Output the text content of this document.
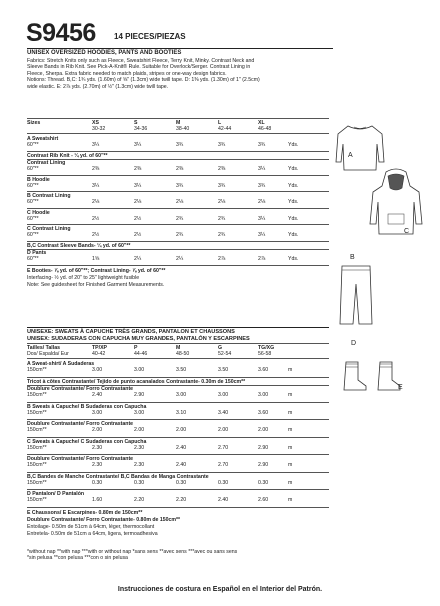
S9456 14 PIECES/PIEZAS
UNISEX OVERSIZED HOODIES, PANTS AND BOOTIES
Fabrics: Stretch Knits only such as Fleece, Sweatshirt Fleece, Terry Knit, Minky. Contrast Neck and
Sleeve Bands in Rib Knit. See Pick-A-Knit® Rule. Suitable for Overlock/Serger. Contrast Lining in
Fleece, Sherpa. Extra fabric needed to match plaids, stripes or one-way design fabrics.
Notions: Thread. B,C: 1¾ yds. (1.60m) of ⅝" (1.3cm) wide twill tape. D: 1⅜ yds. (1.30m) of 1" (2.5cm)
wide elastic. E: 2⅞ yds. (2.70m) of ½" (1.3cm) wide twill tape.
Sizes	XS	S	M	L	XL
30-32	34-36	38-40	42-44	46-48
A Sweatshirt
60"**	3¼	3¼	3¾	3¾	3¾	Yds.
Contrast Rib Knit - ¼ yd. of 60"**
Contrast Lining
60"**	2⅜	2⅜	2⅜	2⅜	3¼	Yds.
B Hoodie
60"**	3¼	3¼	3¾	3¾	3¾	Yds.
B Contrast Lining
60"**	2⅛	2⅛	2⅛	2⅛	2⅛	Yds.
C Hoodie
60"**	2½	2½	2¾	2¾	3¼	Yds.
C Contrast Lining
60"**	2½	2½	2¾	2¾	3¼	Yds.
B,C Contrast Sleeve Bands- ¼ yd. of 60"**
D Pants
60"**	1⅝	2¼	2¼	2⅞	2⅞	Yds.
E Booties- ⅞ yd. of 60"**; Contrast Lining- ⅞ yd. of 60"**
Interfacing- ½ yd. of 20" to 25" lightweight fusible
Note: See guidesheet for Finished Garment Measurements.
UNISEXE: SWEATS À CAPUCHE TRÈS GRANDS, PANTALON ET CHAUSSONS
UNISEX: SUDADERAS CON CAPUCHA MUY GRANDES, PANTALÓN Y ESCARPINES
Tailles/ Tallas	TP/XP	P	M	G	TG/XG
Dos/ Espalda/ Eur	40-42	44-46	48-50	52-54	56-58
A Sweat-shirt/ A Sudaderas
150cm**	3.00	3.00	3.50	3.50	3.60	m
Tricot à côtes Contrastante/ Tejido de punto acanalados Contrastante- 0.30m de 150cm**
Doublure Contrastante/ Forro Contrastante
150cm**	2.40	2.90	3.00	3.00	3.00	m
B Sweats à Capuche/ B Sudaderas con Capucha
150cm**	3.00	3.00	3.10	3.40	3.60	m
Doublure Contrastante/ Forro Contrastante
150cm**	2.00	2.00	2.00	2.00	2.00	m
C Sweats à Capuche/ C Sudaderas con Capucha
150cm**	2.30	2.30	2.40	2.70	2.90	m
Doublure Contrastante/ Forro Contrastante
150cm**	2.30	2.30	2.40	2.70	2.90	m
B,C Bandes de Manche Contrastante/ B,C Bandas de Manga Contrastante
150cm**	0.30	0.30	0.30	0.30	0.30	m
D Pantalon/ D Pantalón
150cm**	1.60	2.20	2.20	2.40	2.60	m
E Chaussons/ E Escarpines- 0.80m de 150cm**
Doublure Contrastante/ Forro Contrastante- 0.80m de 150cm**
Entoilage- 0.50m de 51cm à 64cm, léger, thermocollant
Entretela- 0.50m de 51cm a 64cm, ligera, termoadhesiva
*without nap **with nap ***with or without nap *sans sens **avec sens ***avec ou sans sens
*sin pelusa **con pelusa ***con o sin pelusa
Instrucciones de costura en Español en el Interior del Patrón.
A
C
B
D
E
